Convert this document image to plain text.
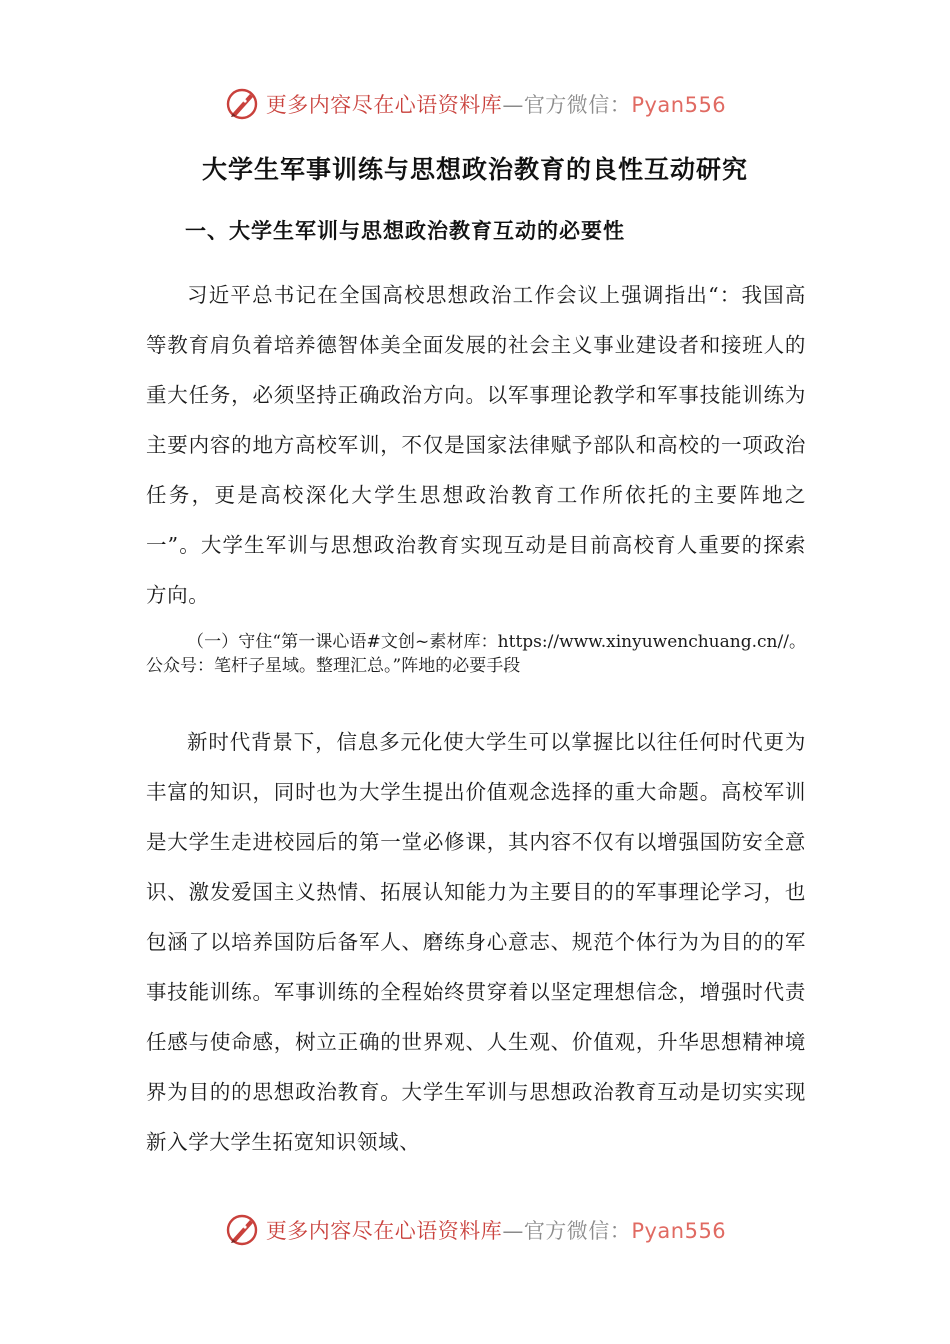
更多内容尽在心语资料库—官方微信：Pyan556
大学生军事训练与思想政治教育的良性互动研究
一、大学生军训与思想政治教育互动的必要性
习近平总书记在全国高校思想政治工作会议上强调指出“：我国高等教育肩负着培养德智体美全面发展的社会主义事业建设者和接班人的重大任务，必须坚持正确政治方向。以军事理论教学和军事技能训练为主要内容的地方高校军训，不仅是国家法律赋予部队和高校的一项政治任务，更是高校深化大学生思想政治教育工作所依托的主要阵地之一”。大学生军训与思想政治教育实现互动是目前高校育人重要的探索方向。
（一）守住“第一课心语#文创~素材库：https://www.xinyuwenchuang.cn//。公众号：笔杆子星域。整理汇总。”阵地的必要手段
新时代背景下，信息多元化使大学生可以掌握比以往任何时代更为丰富的知识，同时也为大学生提出价值观念选择的重大命题。高校军训是大学生走进校园后的第一堂必修课，其内容不仅有以增强国防安全意识、激发爱国主义热情、拓展认知能力为主要目的的军事理论学习，也包涵了以培养国防后备军人、磨练身心意志、规范个体行为为目的的军事技能训练。军事训练的全程始终贯穿着以坚定理想信念，增强时代责任感与使命感，树立正确的世界观、人生观、价值观，升华思想精神境界为目的的思想政治教育。大学生军训与思想政治教育互动是切实实现新入学大学生拓宽知识领域、
更多内容尽在心语资料库—官方微信：Pyan556
